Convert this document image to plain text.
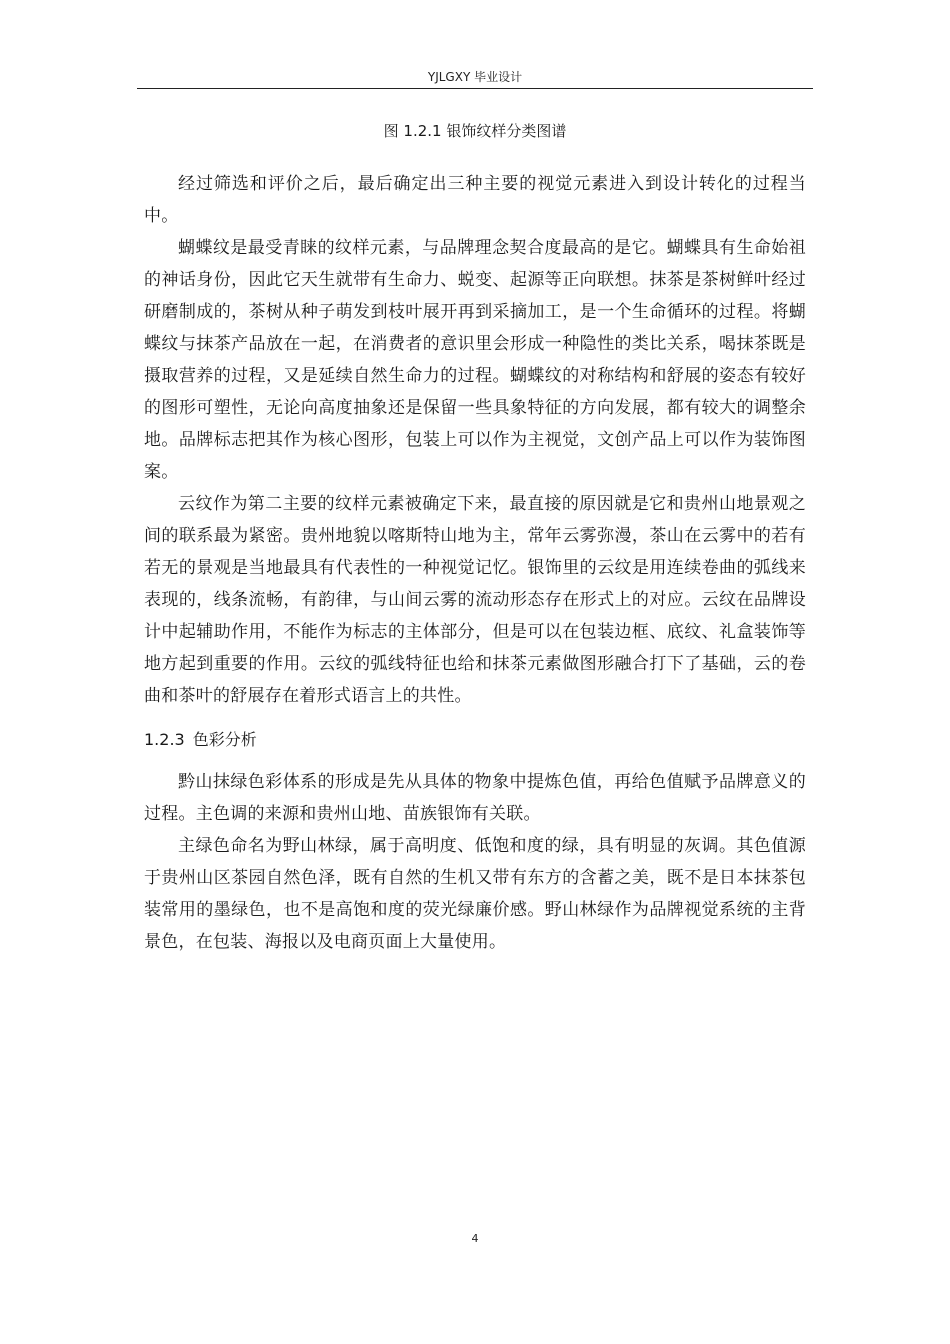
YJLGXY 毕业设计
图 1.2.1 银饰纹样分类图谱

经过筛选和评价之后，最后确定出三种主要的视觉元素进入到设计转化的过程当中。

蝴蝶纹是最受青睐的纹样元素，与品牌理念契合度最高的是它。蝴蝶具有生命始祖的神话身份，因此它天生就带有生命力、蜕变、起源等正向联想。抹茶是茶树鲜叶经过研磨制成的，茶树从种子萌发到枝叶展开再到采摘加工，是一个生命循环的过程。将蝴蝶纹与抹茶产品放在一起，在消费者的意识里会形成一种隐性的类比关系，喝抹茶既是摄取营养的过程，又是延续自然生命力的过程。蝴蝶纹的对称结构和舒展的姿态有较好的图形可塑性，无论向高度抽象还是保留一些具象特征的方向发展，都有较大的调整余地。品牌标志把其作为核心图形，包装上可以作为主视觉，文创产品上可以作为装饰图案。

云纹作为第二主要的纹样元素被确定下来，最直接的原因就是它和贵州山地景观之间的联系最为紧密。贵州地貌以喀斯特山地为主，常年云雾弥漫，茶山在云雾中的若有若无的景观是当地最具有代表性的一种视觉记忆。银饰里的云纹是用连续卷曲的弧线来表现的，线条流畅，有韵律，与山间云雾的流动形态存在形式上的对应。云纹在品牌设计中起辅助作用，不能作为标志的主体部分，但是可以在包装边框、底纹、礼盒装饰等地方起到重要的作用。云纹的弧线特征也给和抹茶元素做图形融合打下了基础，云的卷曲和茶叶的舒展存在着形式语言上的共性。

1.2.3 色彩分析

黔山抹绿色彩体系的形成是先从具体的物象中提炼色值，再给色值赋予品牌意义的过程。主色调的来源和贵州山地、苗族银饰有关联。

主绿色命名为野山林绿，属于高明度、低饱和度的绿，具有明显的灰调。其色值源于贵州山区茶园自然色泽，既有自然的生机又带有东方的含蓄之美，既不是日本抹茶包装常用的墨绿色，也不是高饱和度的荧光绿廉价感。野山林绿作为品牌视觉系统的主背景色，在包装、海报以及电商页面上大量使用。

4
